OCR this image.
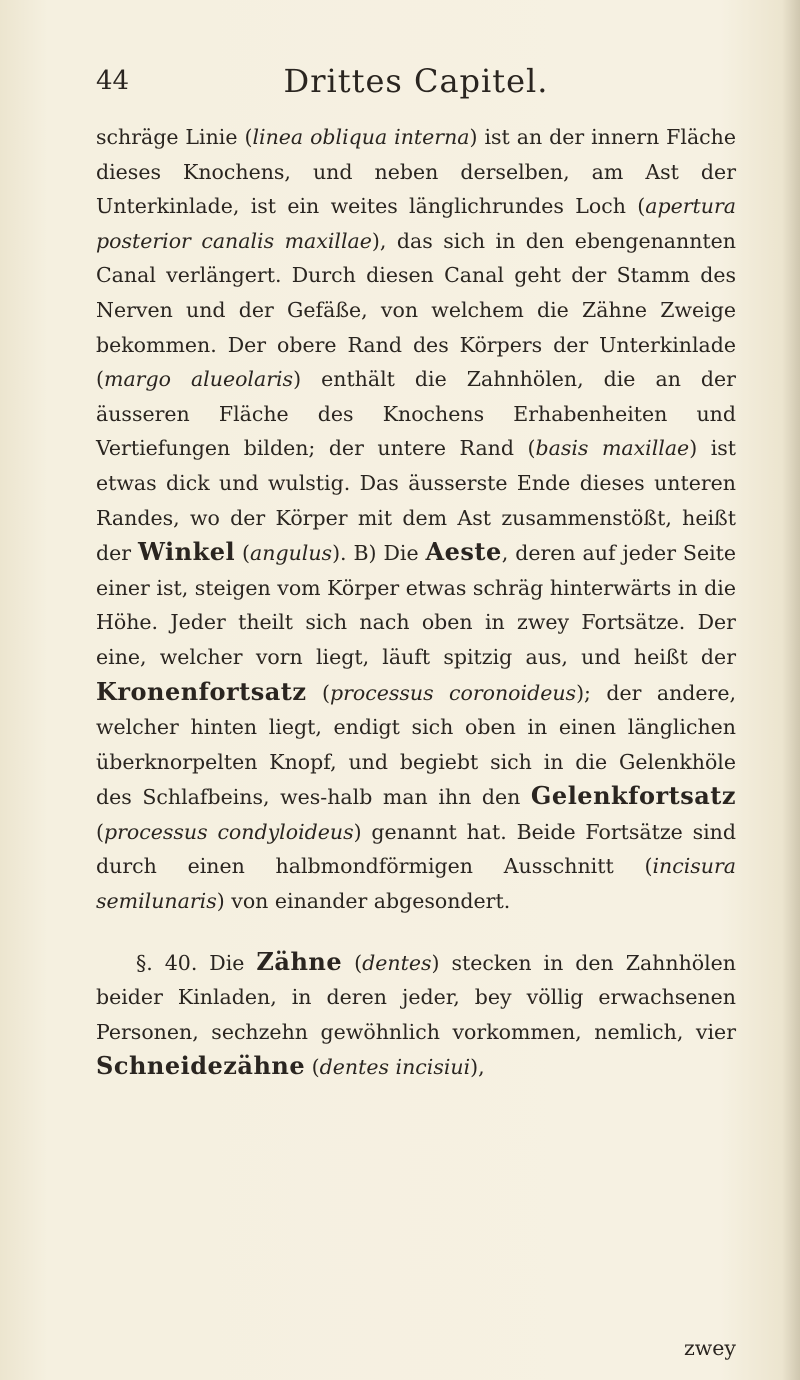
44	Drittes Capitel.

schräge Linie (linea obliqua interna) ist an der innern Fläche dieses Knochens, und neben derselben, am Ast der Unterkinlade, ist ein weites länglichrundes Loch (apertura posterior canalis maxillae), das sich in den ebengenannten Canal verlängert. Durch diesen Canal geht der Stamm des Nerven und der Gefäße, von welchem die Zähne Zweige bekommen. Der obere Rand des Körpers der Unterkinlade (margo alueolaris) enthält die Zahnhölen, die an der äusseren Fläche des Knochens Erhabenheiten und Vertiefungen bilden; der untere Rand (basis maxillae) ist etwas dick und wulstig. Das äusserste Ende dieses unteren Randes, wo der Körper mit dem Ast zusammenstößt, heißt der Winkel (angulus). B) Die Aeste, deren auf jeder Seite einer ist, steigen vom Körper etwas schräg hinterwärts in die Höhe. Jeder theilt sich nach oben in zwey Fortsätze. Der eine, welcher vorn liegt, läuft spitzig aus, und heißt der Kronenfortsatz (processus coronoideus); der andere, welcher hinten liegt, endigt sich oben in einen länglichen überknorpelten Knopf, und begiebt sich in die Gelenkhöle des Schlafbeins, wes-halb man ihn den Gelenkfortsatz (processus condyloideus) genannt hat. Beide Fortsätze sind durch einen halbmondförmigen Ausschnitt (incisura semilunaris) von einander abgesondert.

§. 40. Die Zähne (dentes) stecken in den Zahnhölen beider Kinladen, in deren jeder, bey völlig erwachsenen Personen, sechzehn gewöhnlich vorkommen, nemlich, vier Schneidezähne (dentes incisiui),

zwey
